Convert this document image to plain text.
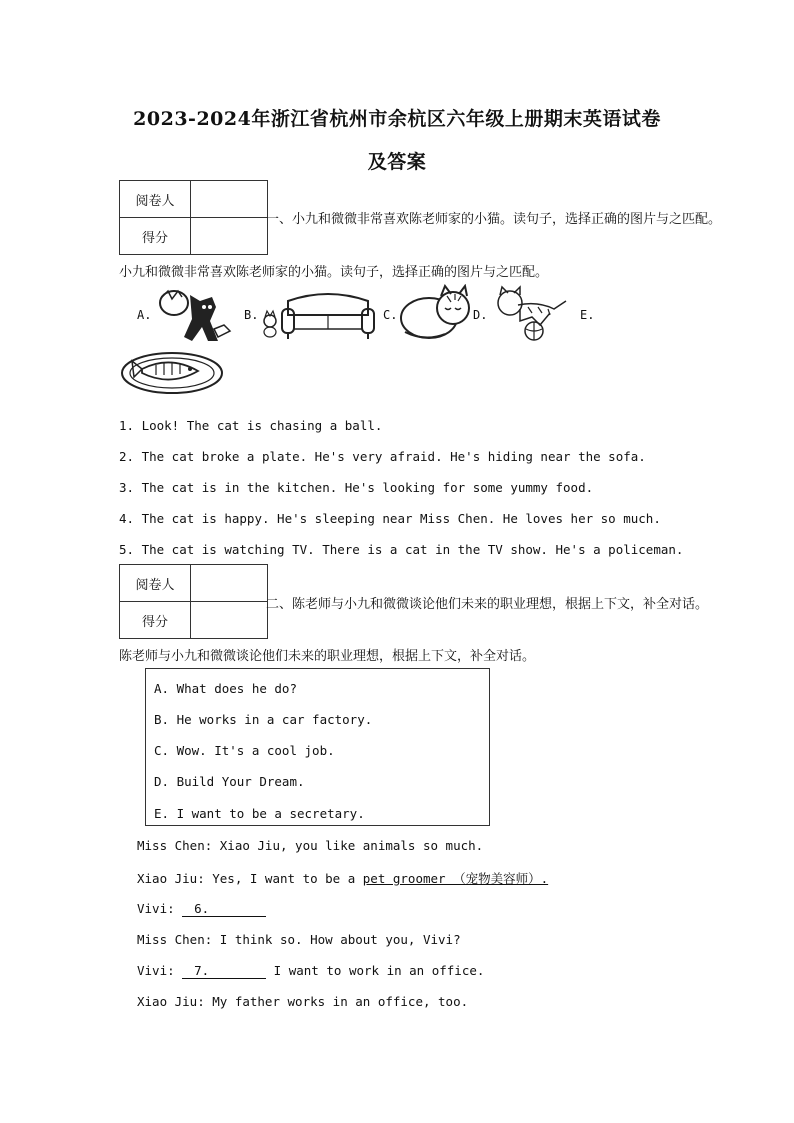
2023-2024年浙江省杭州市余杭区六年级上册期末英语试卷
及答案
阅卷人	
得分	
一、小九和微微非常喜欢陈老师家的小猫。读句子，选择正确的图片与之匹配。
小九和微微非常喜欢陈老师家的小猫。读句子，选择正确的图片与之匹配。
A.	B.	C.	D.	E.
1. Look! The cat is chasing a ball.
2. The cat broke a plate. He's very afraid. He's hiding near the sofa.
3. The cat is in the kitchen. He's looking for some yummy food.
4. The cat is happy. He's sleeping near Miss Chen. He loves her so much.
5. The cat is watching TV. There is a cat in the TV show. He's a policeman.
阅卷人	
得分	
二、陈老师与小九和微微谈论他们未来的职业理想，根据上下文，补全对话。
陈老师与小九和微微谈论他们未来的职业理想，根据上下文，补全对话。
A. What does he do?
B. He works in a car factory.
C. Wow. It's a cool job.
D. Build Your Dream.
E. I want to be a secretary.
Miss Chen: Xiao Jiu, you like animals so much.
Xiao Jiu: Yes, I want to be a pet groomer （宠物美容师）.
Vivi: 6.
Miss Chen: I think so. How about you, Vivi?
Vivi: 7.	I want to work in an office.
Xiao Jiu: My father works in an office, too.
